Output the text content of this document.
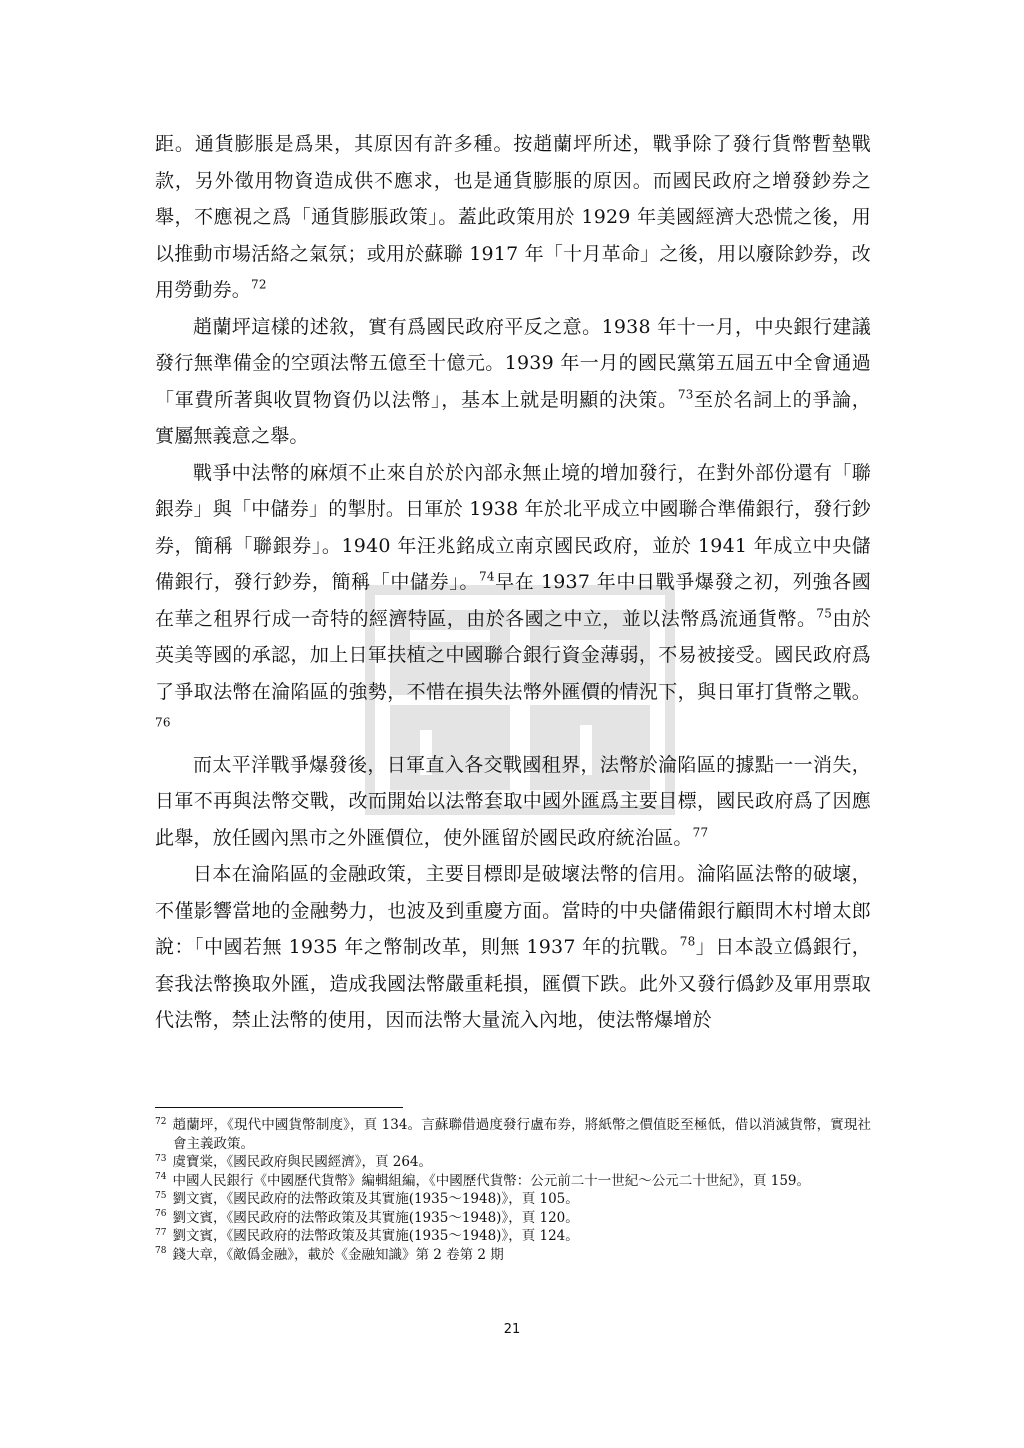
距。通貨膨脹是爲果，其原因有許多種。按趙蘭坪所述，戰爭除了發行貨幣暫墊戰款，另外徵用物資造成供不應求，也是通貨膨脹的原因。而國民政府之增發鈔券之舉，不應視之爲「通貨膨脹政策」。蓋此政策用於 1929 年美國經濟大恐慌之後，用以推動市場活絡之氣氛；或用於蘇聯 1917 年「十月革命」之後，用以廢除鈔券，改用勞動券。$^{72}$

趙蘭坪這樣的述敘，實有爲國民政府平反之意。1938 年十一月，中央銀行建議發行無準備金的空頭法幣五億至十億元。1939 年一月的國民黨第五屆五中全會通過「軍費所著與收買物資仍以法幣」，基本上就是明顯的決策。$^{73}$至於名詞上的爭論，實屬無義意之舉。

戰爭中法幣的麻煩不止來自於於內部永無止境的增加發行，在對外部份還有「聯銀券」與「中儲券」的掣肘。日軍於 1938 年於北平成立中國聯合準備銀行，發行鈔券，簡稱「聯銀券」。1940 年汪兆銘成立南京國民政府，並於 1941 年成立中央儲備銀行，發行鈔券，簡稱「中儲券」。$^{74}$早在 1937 年中日戰爭爆發之初，列強各國在華之租界行成一奇特的經濟特區，由於各國之中立，並以法幣爲流通貨幣。$^{75}$由於英美等國的承認，加上日軍扶植之中國聯合銀行資金薄弱，不易被接受。國民政府爲了爭取法幣在淪陷區的強勢，不惜在損失法幣外匯價的情況下，與日軍打貨幣之戰。$^{76}$

而太平洋戰爭爆發後，日軍直入各交戰國租界，法幣於淪陷區的據點一一消失，日軍不再與法幣交戰，改而開始以法幣套取中國外匯爲主要目標，國民政府爲了因應此舉，放任國內黑市之外匯價位，使外匯留於國民政府統治區。$^{77}$

日本在淪陷區的金融政策，主要目標即是破壞法幣的信用。淪陷區法幣的破壞，不僅影響當地的金融勢力，也波及到重慶方面。當時的中央儲備銀行顧問木村增太郎說：「中國若無 1935 年之幣制改革，則無 1937 年的抗戰。$^{78}$」日本設立僞銀行，套我法幣換取外匯，造成我國法幣嚴重耗損，匯價下跌。此外又發行僞鈔及軍用票取代法幣，禁止法幣的使用，因而法幣大量流入內地，使法幣爆增於

$^{72}$ 趙蘭坪，《現代中國貨幣制度》，頁 134。言蘇聯借過度發行盧布券，將紙幣之價值貶至極低，借以消滅貨幣，實現社會主義政策。

$^{73}$ 虞寶棠，《國民政府與民國經濟》，頁 264。

$^{74}$ 中國人民銀行《中國歷代貨幣》編輯組編，《中國歷代貨幣：公元前二十一世紀～公元二十世紀》，頁 159。

$^{75}$ 劉文賓，《國民政府的法幣政策及其實施(1935～1948)》，頁 105。

$^{76}$ 劉文賓，《國民政府的法幣政策及其實施(1935～1948)》，頁 120。

$^{77}$ 劉文賓，《國民政府的法幣政策及其實施(1935～1948)》，頁 124。

$^{78}$ 錢大章，《敵僞金融》，載於《金融知識》第 2 卷第 2 期

21
